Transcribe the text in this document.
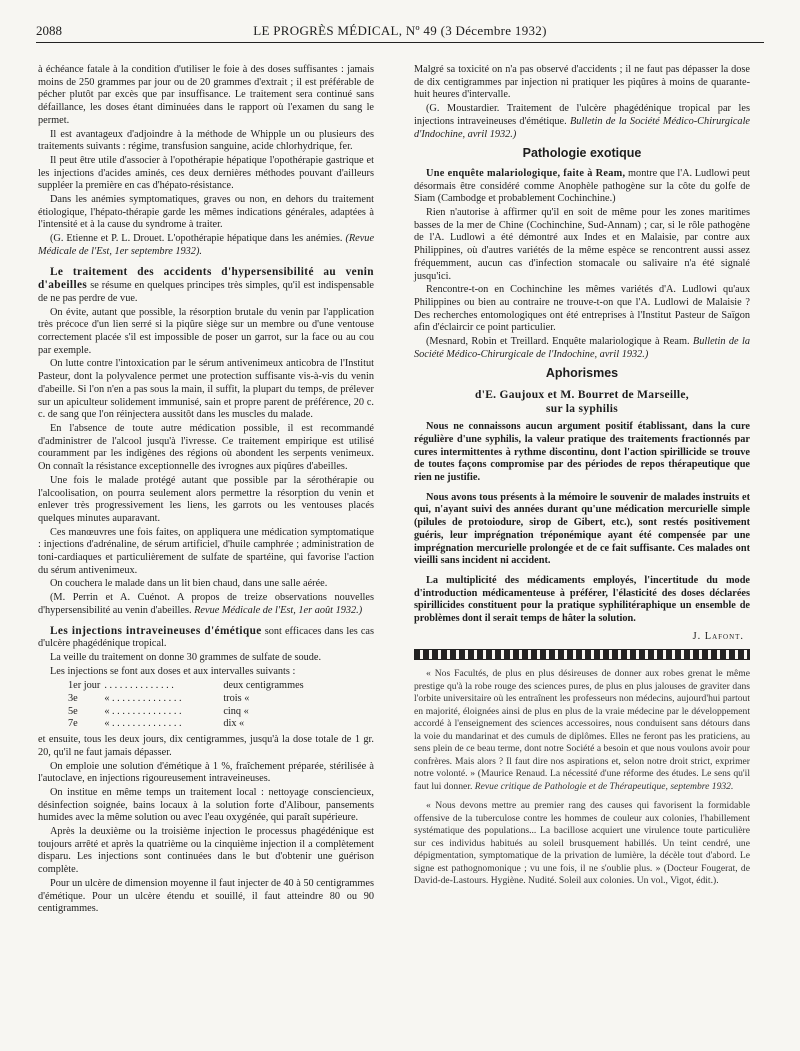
2088	LE PROGRÈS MÉDICAL, Nº 49 (3 Décembre 1932)

à échéance fatale à la condition d'utiliser le foie à des doses suffisantes : jamais moins de 250 grammes par jour ou de 20 grammes d'extrait ; il est préférable de pécher plutôt par excès que par insuffisance. Le traitement sera continué sans défaillance, les doses étant diminuées dans le rapport où l'examen du sang le permet.

Il est avantageux d'adjoindre à la méthode de Whipple un ou plusieurs des traitements suivants : régime, transfusion sanguine, acide chlorhydrique, fer.

Il peut être utile d'associer à l'opothérapie hépatique l'opothérapie gastrique et les injections d'acides aminés, ces deux dernières méthodes pouvant d'ailleurs suppléer la première en cas d'hépato-résistance.

Dans les anémies symptomatiques, graves ou non, en dehors du traitement étiologique, l'hépato-thérapie garde les mêmes indications générales, adaptées à l'intensité et à la cause du syndrome à traiter.

(G. Etienne et P. L. Drouet. L'opothérapie hépatique dans les anémies. (Revue Médicale de l'Est, 1er septembre 1932).

Le traitement des accidents d'hypersensibilité au venin d'abeilles se résume en quelques principes très simples, qu'il est indispensable de ne pas perdre de vue.

On évite, autant que possible, la résorption brutale du venin par l'application très précoce d'un lien serré si la piqûre siège sur un membre ou d'une ventouse correctement placée s'il est impossible de poser un garrot, sur la face ou au cou par exemple.

On lutte contre l'intoxication par le sérum antivenimeux anticobra de l'Institut Pasteur, dont la polyvalence permet une protection suffisante vis-à-vis du venin d'abeille. Si l'on n'en a pas sous la main, il suffit, la plupart du temps, de prélever sur un apiculteur solidement immunisé, sain et propre parent de préférence, 20 c. c. de sang que l'on réinjectera aussitôt dans les muscles du malade.

En l'absence de toute autre médication possible, il est recommandé d'administrer de l'alcool jusqu'à l'ivresse. Ce traitement empirique est utilisé couramment par les indigènes des régions où abondent les serpents venimeux. On connaît la résistance exceptionnelle des ivrognes aux piqûres d'abeilles.

Une fois le malade protégé autant que possible par la sérothérapie ou l'alcoolisation, on pourra seulement alors permettre la résorption du venin et enlever très progressivement les liens, les garrots ou les ventouses placés quelques minutes auparavant.

Ces manœuvres une fois faites, on appliquera une médication symptomatique : injections d'adrénaline, de sérum artificiel, d'huile camphrée ; administration de toni-cardiaques et particulièrement de sulfate de spartéine, qui favorise l'action du sérum antivenimeux.

On couchera le malade dans un lit bien chaud, dans une salle aérée.

(M. Perrin et A. Cuénot. A propos de treize observations nouvelles d'hypersensibilité au venin d'abeilles. Revue Médicale de l'Est, 1er août 1932.)

Les injections intraveineuses d'émétique sont efficaces dans les cas d'ulcère phagédénique tropical.

La veille du traitement on donne 30 grammes de sulfate de soude.

Les injections se font aux doses et aux intervalles suivants :

1er jour	. . . . . . . . . . . . . .	deux centigrammes
3e	« . . . . . . . . . . . . . .	trois «
5e	« . . . . . . . . . . . . . .	cinq «
7e	« . . . . . . . . . . . . . .	dix «

et ensuite, tous les deux jours, dix centigrammes, jusqu'à la dose totale de 1 gr. 20, qu'il ne faut jamais dépasser.

On emploie une solution d'émétique à 1 %, fraîchement préparée, stérilisée à l'autoclave, en injections rigoureusement intraveineuses.

On institue en même temps un traitement local : nettoyage consciencieux, désinfection soignée, bains locaux à la solution forte d'Alibour, pansements humides avec la même solution ou avec l'eau oxygénée, qui paraît supérieure.

Après la deuxième ou la troisième injection le processus phagédénique est toujours arrêté et après la quatrième ou la cinquième injection il a complètement disparu. Les injections sont continuées dans le but d'obtenir une guérison complète.

Pour un ulcère de dimension moyenne il faut injecter de 40 à 50 centigrammes d'émétique. Pour un ulcère étendu et souillé, il faut atteindre 80 ou 90 centigrammes.

Malgré sa toxicité on n'a pas observé d'accidents ; il ne faut pas dépasser la dose de dix centigrammes par injection ni pratiquer les piqûres à moins de quarante-huit heures d'intervalle.

(G. Moustardier. Traitement de l'ulcère phagédénique tropical par les injections intraveineuses d'émétique. Bulletin de la Société Médico-Chirurgicale d'Indochine, avril 1932.)

Pathologie exotique

Une enquête malariologique, faite à Ream, montre que l'A. Ludlowi peut désormais être considéré comme Anophèle pathogène sur la côte du golfe de Siam (Cambodge et probablement Cochinchine.)

Rien n'autorise à affirmer qu'il en soit de même pour les zones maritimes basses de la mer de Chine (Cochinchine, Sud-Annam) ; car, si le rôle pathogène de l'A. Ludlowi a été démontré aux Indes et en Malaisie, par contre aux Philippines, où d'autres variétés de la même espèce se rencontrent aussi assez fréquemment, aucun cas d'infection stomacale ou salivaire n'a été signalé jusqu'ici.

Rencontre-t-on en Cochinchine les mêmes variétés d'A. Ludlowi qu'aux Philippines ou bien au contraire ne trouve-t-on que l'A. Ludlowi de Malaisie ? Des recherches entomologiques ont été entreprises à l'Institut Pasteur de Saïgon afin d'éclaircir ce point particulier.

(Mesnard, Robin et Treillard. Enquête malariologique à Ream. Bulletin de la Société Médico-Chirurgicale de l'Indochine, avril 1932.)

Aphorismes
d'E. Gaujoux et M. Bourret de Marseille,
sur la syphilis

Nous ne connaissons aucun argument positif établissant, dans la cure régulière d'une syphilis, la valeur pratique des traitements fractionnés par cures intermittentes à rythme discontinu, dont l'action spirillicide se trouve de toutes façons compromise par des périodes de repos thérapeutique que rien ne justifie.

Nous avons tous présents à la mémoire le souvenir de malades instruits et qui, n'ayant suivi des années durant qu'une médication mercurielle simple (pilules de protoiodure, sirop de Gibert, etc.), sont restés positivement guéris, leur imprégnation tréponémique ayant été compensée par une imprégnation mercurielle prolongée et de ce fait suffisante. Ces malades ont vieilli sans incident ni accident.

La multiplicité des médicaments employés, l'incertitude du mode d'introduction médicamenteuse à préférer, l'élasticité des doses déclarées spirillicides constituent pour la pratique syphilitéraphique un ensemble de problèmes dont il serait temps de hâter la solution.

J. Lafont.

« Nos Facultés, de plus en plus désireuses de donner aux robes grenat le même prestige qu'à la robe rouge des sciences pures, de plus en plus jalouses de graviter dans l'orbite universitaire où les entraînent les professeurs non médecins, aujourd'hui partout en majorité, éloignées ainsi de plus en plus de la vraie médecine par le développement accordé à l'enseignement des sciences accessoires, nous conduisent sans détours dans la voie du mandarinat et des cumuls de diplômes. Elles ne feront pas les praticiens, au sens plein de ce beau terme, dont notre Société a besoin et que nous voulons avoir pour confrères. Mais alors ? Il faut dire nos aspirations et, selon notre droit strict, exprimer notre volonté. » (Maurice Renaud. La nécessité d'une réforme des études. Le sens qu'il faut lui donner. Revue critique de Pathologie et de Thérapeutique, septembre 1932.

« Nous devons mettre au premier rang des causes qui favorisent la formidable offensive de la tuberculose contre les hommes de couleur aux colonies, l'habillement systématique des populations... La bacillose acquiert une virulence toute particulière sur ces individus habitués au soleil brusquement habillés. Un teint cendré, une dépigmentation, symptomatique de la privation de lumière, la décèle tout d'abord. Le signe est pathognomonique ; vu une fois, il ne s'oublie plus. » (Docteur Fougerat, de David-de-Lastours. Hygiène. Nudité. Soleil aux colonies. Un vol., Vigot, édit.).
